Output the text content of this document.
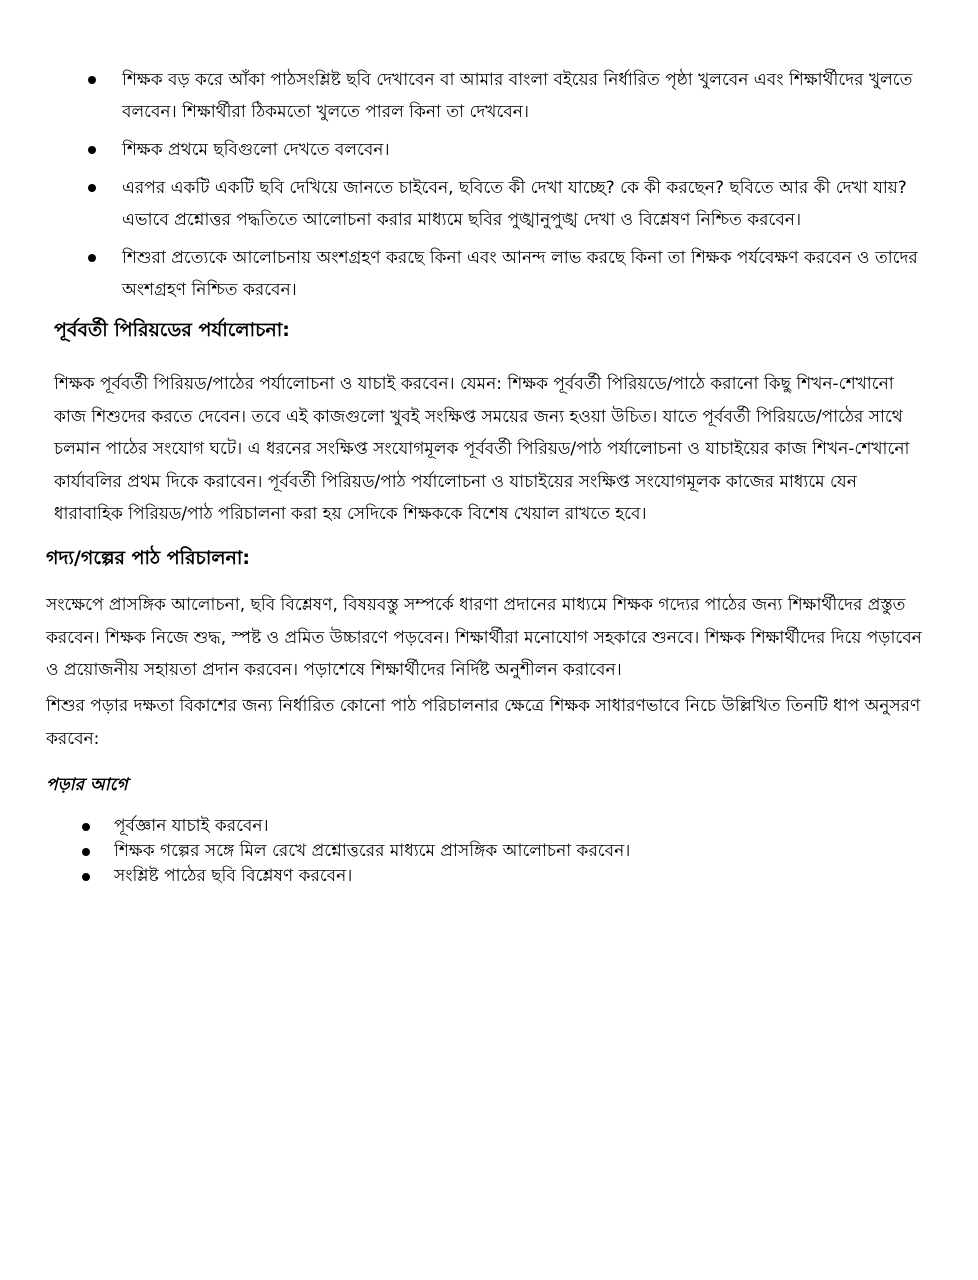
শিক্ষক বড় করে আঁকা পাঠসংশ্লিষ্ট ছবি দেখাবেন বা আমার বাংলা বইয়ের নির্ধারিত পৃষ্ঠা খুলবেন এবং শিক্ষার্থীদের খুলতে বলবেন। শিক্ষার্থীরা ঠিকমতো খুলতে পারল কিনা তা দেখবেন।
শিক্ষক প্রথমে ছবিগুলো দেখতে বলবেন।
এরপর একটি একটি ছবি দেখিয়ে জানতে চাইবেন, ছবিতে কী দেখা যাচ্ছে? কে কী করছেন? ছবিতে আর কী দেখা যায়? এভাবে প্রশ্নোত্তর পদ্ধতিতে আলোচনা করার মাধ্যমে ছবির পুঙ্খানুপুঙ্খ দেখা ও বিশ্লেষণ নিশ্চিত করবেন।
শিশুরা প্রত্যেকে আলোচনায় অংশগ্রহণ করছে কিনা এবং আনন্দ লাভ করছে কিনা তা শিক্ষক পর্যবেক্ষণ করবেন ও তাদের অংশগ্রহণ নিশ্চিত করবেন।
পূর্ববর্তী পিরিয়ডের পর্যালোচনা:

শিক্ষক পূর্ববর্তী পিরিয়ড/পাঠের পর্যালোচনা ও যাচাই করবেন। যেমন: শিক্ষক পূর্ববর্তী পিরিয়ডে/পাঠে করানো কিছু শিখন-শেখানো কাজ শিশুদের করতে দেবেন। তবে এই কাজগুলো খুবই সংক্ষিপ্ত সময়ের জন্য হওয়া উচিত। যাতে পূর্ববর্তী পিরিয়ডে/পাঠের সাথে চলমান পাঠের সংযোগ ঘটে। এ ধরনের সংক্ষিপ্ত সংযোগমূলক পূর্ববর্তী পিরিয়ড/পাঠ পর্যালোচনা ও যাচাইয়ের কাজ শিখন-শেখানো কার্যাবলির প্রথম দিকে করাবেন। পূর্ববর্তী পিরিয়ড/পাঠ পর্যালোচনা ও যাচাইয়ের সংক্ষিপ্ত সংযোগমূলক কাজের মাধ্যমে যেন ধারাবাহিক পিরিয়ড/পাঠ পরিচালনা করা হয় সেদিকে শিক্ষককে বিশেষ খেয়াল রাখতে হবে।

গদ্য/গল্পের পাঠ পরিচালনা:

সংক্ষেপে প্রাসঙ্গিক আলোচনা, ছবি বিশ্লেষণ, বিষয়বস্তু সম্পর্কে ধারণা প্রদানের মাধ্যমে শিক্ষক গদ্যের পাঠের জন্য শিক্ষার্থীদের প্রস্তুত করবেন। শিক্ষক নিজে শুদ্ধ, স্পষ্ট ও প্রমিত উচ্চারণে পড়বেন। শিক্ষার্থীরা মনোযোগ সহকারে শুনবে। শিক্ষক শিক্ষার্থীদের দিয়ে পড়াবেন ও প্রয়োজনীয় সহায়তা প্রদান করবেন। পড়াশেষে শিক্ষার্থীদের নির্দিষ্ট অনুশীলন করাবেন।

শিশুর পড়ার দক্ষতা বিকাশের জন্য নির্ধারিত কোনো পাঠ পরিচালনার ক্ষেত্রে শিক্ষক সাধারণভাবে নিচে উল্লিখিত তিনটি ধাপ অনুসরণ করবেন:

পড়ার আগে
পূর্বজ্ঞান যাচাই করবেন।
শিক্ষক গল্পের সঙ্গে মিল রেখে প্রশ্নোত্তরের মাধ্যমে প্রাসঙ্গিক আলোচনা করবেন।
সংশ্লিষ্ট পাঠের ছবি বিশ্লেষণ করবেন।
